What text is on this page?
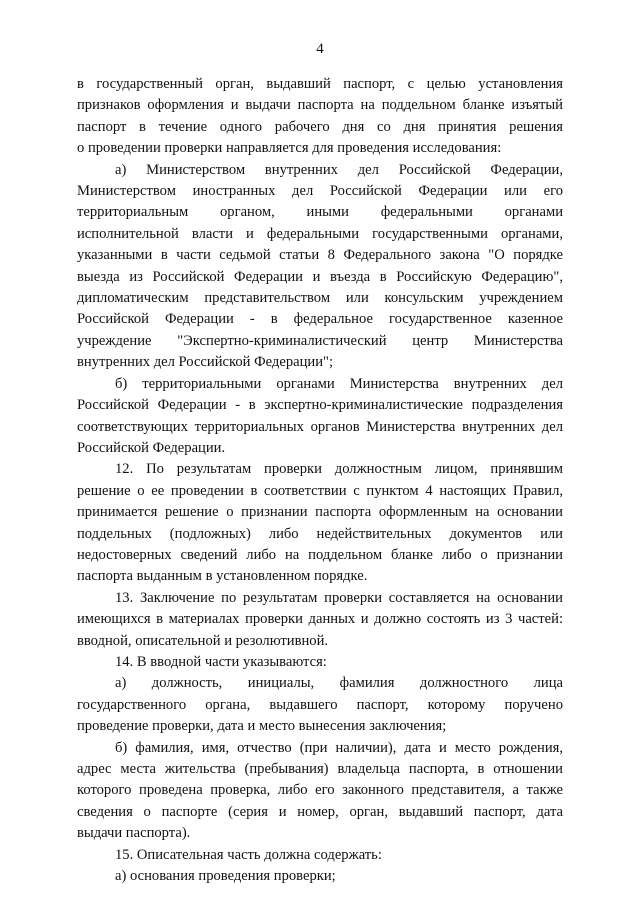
4
в государственный орган, выдавший паспорт, с целью установления
признаков оформления и выдачи паспорта на поддельном бланке изъятый
паспорт в течение одного рабочего дня со дня принятия решения
о проведении проверки направляется для проведения исследования:
а) Министерством внутренних дел Российской Федерации,
Министерством иностранных дел Российской Федерации или его
территориальным органом, иными федеральными органами
исполнительной власти и федеральными государственными органами,
указанными в части седьмой статьи 8 Федерального закона "О порядке
выезда из Российской Федерации и въезда в Российскую Федерацию",
дипломатическим представительством или консульским учреждением
Российской Федерации - в федеральное государственное казенное
учреждение "Экспертно-криминалистический центр Министерства
внутренних дел Российской Федерации";
б) территориальными органами Министерства внутренних дел
Российской Федерации - в экспертно-криминалистические подразделения
соответствующих территориальных органов Министерства внутренних дел
Российской Федерации.
12. По результатам проверки должностным лицом, принявшим
решение о ее проведении в соответствии с пунктом 4 настоящих Правил,
принимается решение о признании паспорта оформленным на основании
поддельных (подложных) либо недействительных документов или
недостоверных сведений либо на поддельном бланке либо о признании
паспорта выданным в установленном порядке.
13. Заключение по результатам проверки составляется на основании
имеющихся в материалах проверки данных и должно состоять из 3 частей:
вводной, описательной и резолютивной.
14. В вводной части указываются:
а) должность, инициалы, фамилия должностного лица
государственного органа, выдавшего паспорт, которому поручено
проведение проверки, дата и место вынесения заключения;
б) фамилия, имя, отчество (при наличии), дата и место рождения,
адрес места жительства (пребывания) владельца паспорта, в отношении
которого проведена проверка, либо его законного представителя, а также
сведения о паспорте (серия и номер, орган, выдавший паспорт, дата
выдачи паспорта).
15. Описательная часть должна содержать:
а) основания проведения проверки;
